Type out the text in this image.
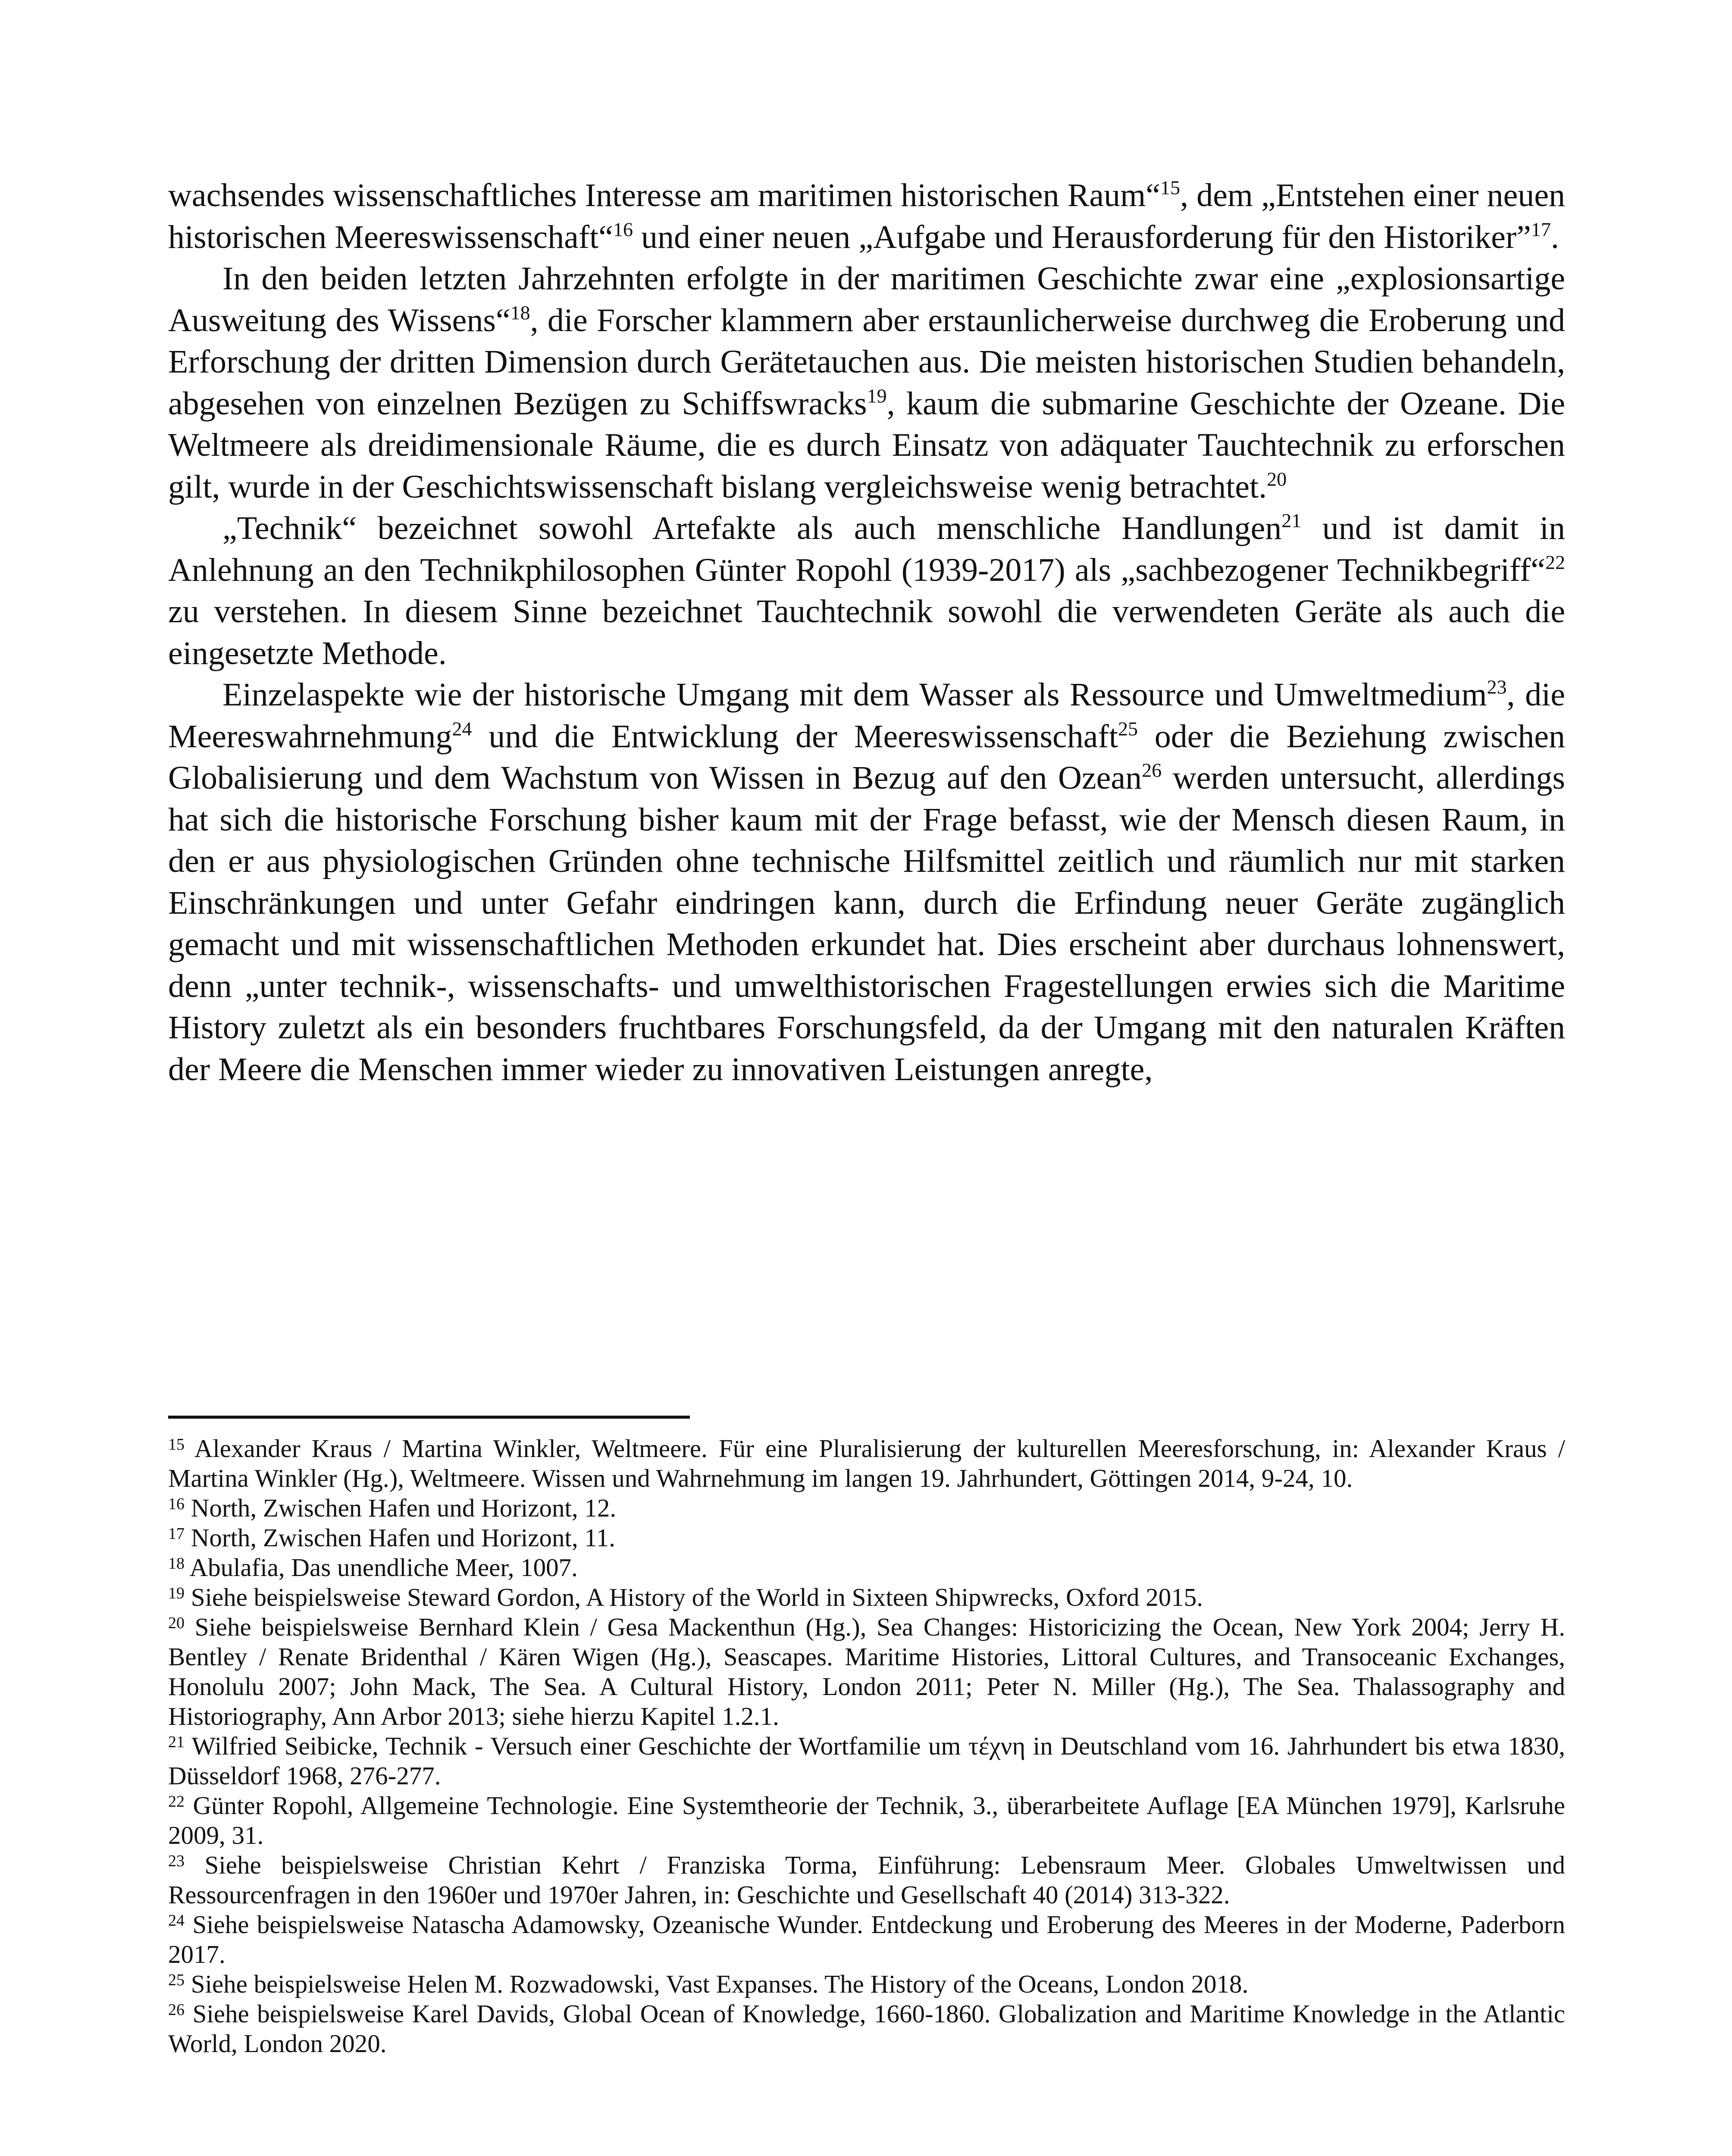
wachsendes wissenschaftliches Interesse am maritimen historischen Raum“$^{15}$, dem „Entstehen einer neuen historischen Meereswissenschaft“$^{16}$ und einer neuen „Aufgabe und Herausforderung für den Historiker”$^{17}$.

In den beiden letzten Jahrzehnten erfolgte in der maritimen Geschichte zwar eine „explosionsartige Ausweitung des Wissens“$^{18}$, die Forscher klammern aber erstaunlicherweise durchweg die Eroberung und Erforschung der dritten Dimension durch Gerätetauchen aus. Die meisten historischen Studien behandeln, abgesehen von einzelnen Bezügen zu Schiffswracks$^{19}$, kaum die submarine Geschichte der Ozeane. Die Weltmeere als dreidimensionale Räume, die es durch Einsatz von adäquater Tauchtechnik zu erforschen gilt, wurde in der Geschichtswissenschaft bislang vergleichsweise wenig betrachtet.$^{20}$

„Technik“ bezeichnet sowohl Artefakte als auch menschliche Handlungen$^{21}$ und ist damit in Anlehnung an den Technikphilosophen Günter Ropohl (1939-2017) als „sachbezogener Technikbegriff“$^{22}$ zu verstehen. In diesem Sinne bezeichnet Tauchtechnik sowohl die verwendeten Geräte als auch die eingesetzte Methode.

Einzelaspekte wie der historische Umgang mit dem Wasser als Ressource und Umweltmedium$^{23}$, die Meereswahrnehmung$^{24}$ und die Entwicklung der Meereswissenschaft$^{25}$ oder die Beziehung zwischen Globalisierung und dem Wachstum von Wissen in Bezug auf den Ozean$^{26}$ werden untersucht, allerdings hat sich die historische Forschung bisher kaum mit der Frage befasst, wie der Mensch diesen Raum, in den er aus physiologischen Gründen ohne technische Hilfsmittel zeitlich und räumlich nur mit starken Einschränkungen und unter Gefahr eindringen kann, durch die Erfindung neuer Geräte zugänglich gemacht und mit wissenschaftlichen Methoden erkundet hat. Dies erscheint aber durchaus lohnenswert, denn „unter technik-, wissenschafts- und umwelthistorischen Fragestellungen erwies sich die Maritime History zuletzt als ein besonders fruchtbares Forschungsfeld, da der Umgang mit den naturalen Kräften der Meere die Menschen immer wieder zu innovativen Leistungen anregte,

$^{15}$ Alexander Kraus / Martina Winkler, Weltmeere. Für eine Pluralisierung der kulturellen Meeresforschung, in: Alexander Kraus / Martina Winkler (Hg.), Weltmeere. Wissen und Wahrnehmung im langen 19. Jahrhundert, Göttingen 2014, 9-24, 10.

$^{16}$ North, Zwischen Hafen und Horizont, 12.

$^{17}$ North, Zwischen Hafen und Horizont, 11.

$^{18}$ Abulafia, Das unendliche Meer, 1007.

$^{19}$ Siehe beispielsweise Steward Gordon, A History of the World in Sixteen Shipwrecks, Oxford 2015.

$^{20}$ Siehe beispielsweise Bernhard Klein / Gesa Mackenthun (Hg.), Sea Changes: Historicizing the Ocean, New York 2004; Jerry H. Bentley / Renate Bridenthal / Kären Wigen (Hg.), Seascapes. Maritime Histories, Littoral Cultures, and Transoceanic Exchanges, Honolulu 2007; John Mack, The Sea. A Cultural History, London 2011; Peter N. Miller (Hg.), The Sea. Thalassography and Historiography, Ann Arbor 2013; siehe hierzu Kapitel 1.2.1.

$^{21}$ Wilfried Seibicke, Technik - Versuch einer Geschichte der Wortfamilie um τέχνη in Deutschland vom 16. Jahrhundert bis etwa 1830, Düsseldorf 1968, 276-277.

$^{22}$ Günter Ropohl, Allgemeine Technologie. Eine Systemtheorie der Technik, 3., überarbeitete Auflage [EA München 1979], Karlsruhe 2009, 31.

$^{23}$ Siehe beispielsweise Christian Kehrt / Franziska Torma, Einführung: Lebensraum Meer. Globales Umweltwissen und Ressourcenfragen in den 1960er und 1970er Jahren, in: Geschichte und Gesellschaft 40 (2014) 313-322.

$^{24}$ Siehe beispielsweise Natascha Adamowsky, Ozeanische Wunder. Entdeckung und Eroberung des Meeres in der Moderne, Paderborn 2017.

$^{25}$ Siehe beispielsweise Helen M. Rozwadowski, Vast Expanses. The History of the Oceans, London 2018.

$^{26}$ Siehe beispielsweise Karel Davids, Global Ocean of Knowledge, 1660-1860. Globalization and Maritime Knowledge in the Atlantic World, London 2020.
